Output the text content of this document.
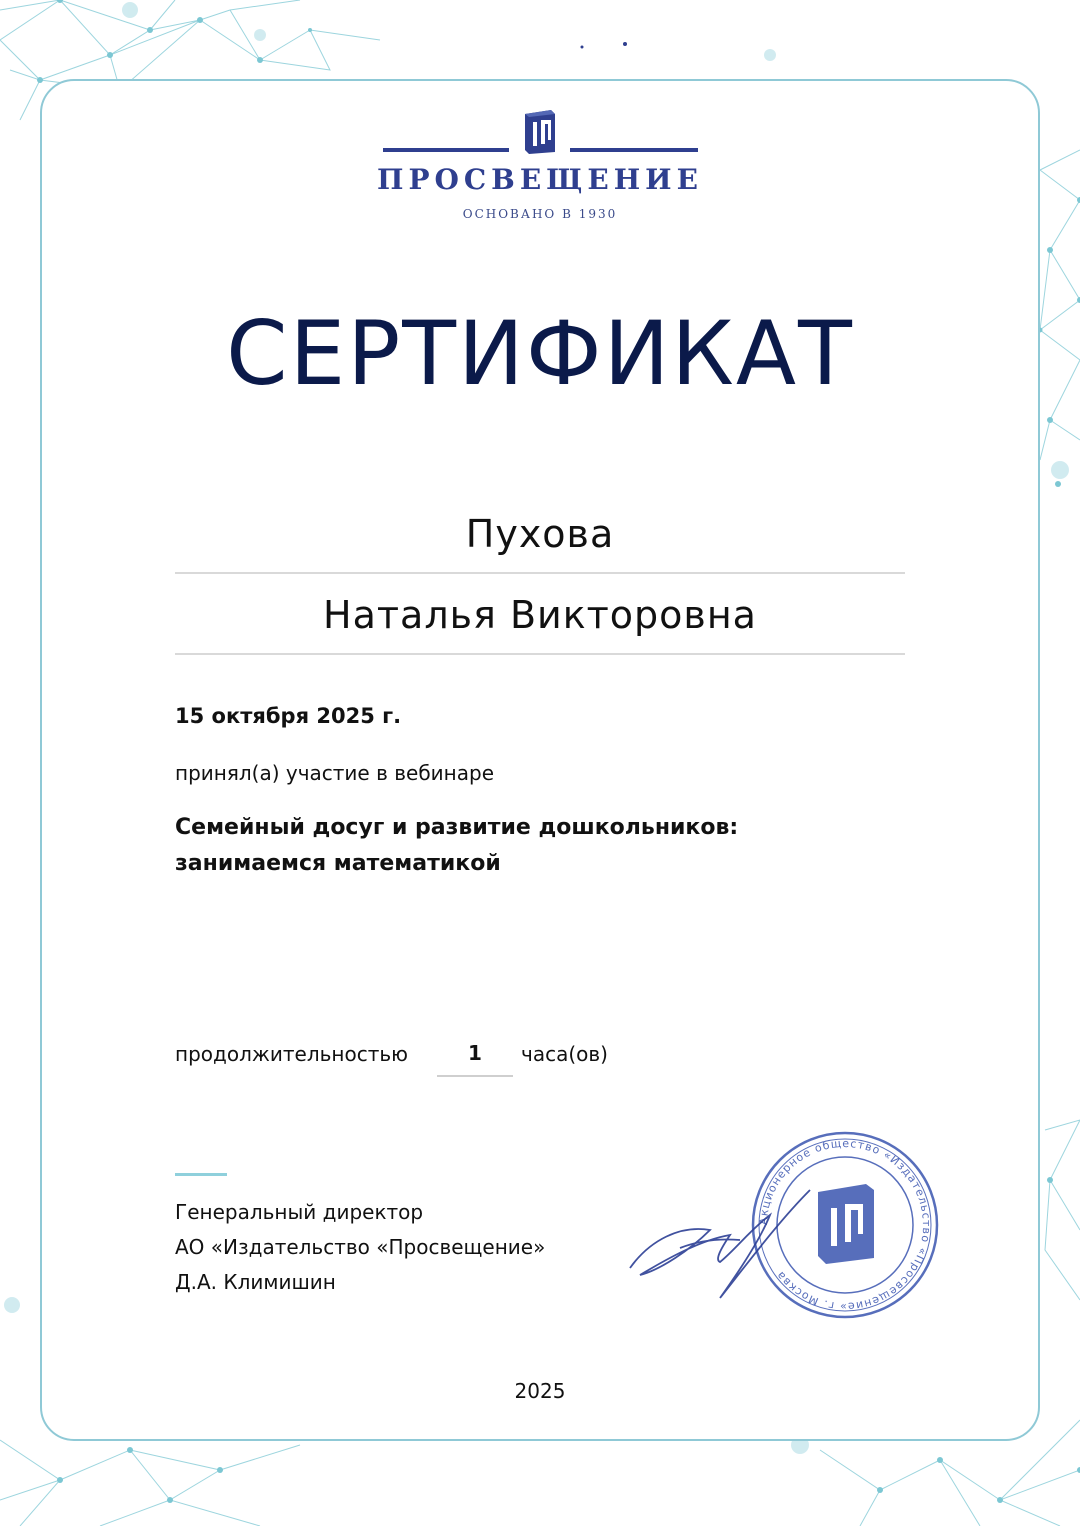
ПРОСВЕЩЕНИЕ
ОСНОВАНО В 1930
СЕРТИФИКАТ
Пухова
Наталья Викторовна
15 октября 2025 г.
принял(а) участие в вебинаре
Семейный досуг и развитие дошкольников: занимаемся математикой
продолжительностью	1	часа(ов)
Генеральный директор
АО «Издательство «Просвещение»
Д.А. Климишин
Акционерное общество «Издательство «Просвещение» г. Москва
2025
